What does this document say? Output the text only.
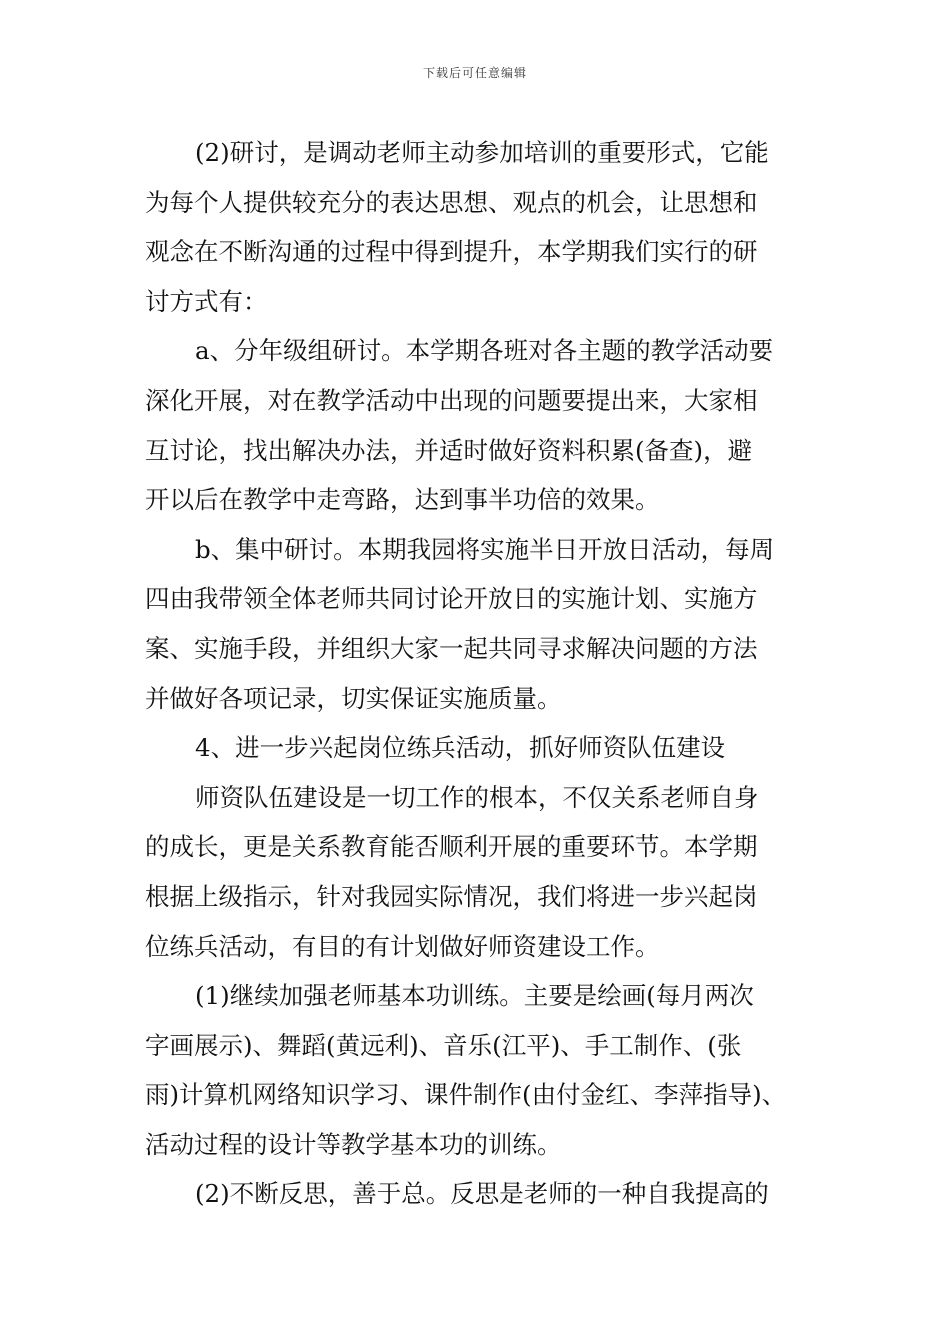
下载后可任意编辑
(2)研讨，是调动老师主动参加培训的重要形式，它能
为每个人提供较充分的表达思想、观点的机会，让思想和
观念在不断沟通的过程中得到提升，本学期我们实行的研
讨方式有：
a、分年级组研讨。本学期各班对各主题的教学活动要
深化开展，对在教学活动中出现的问题要提出来，大家相
互讨论，找出解决办法，并适时做好资料积累(备查)，避
开以后在教学中走弯路，达到事半功倍的效果。
b、集中研讨。本期我园将实施半日开放日活动，每周
四由我带领全体老师共同讨论开放日的实施计划、实施方
案、实施手段，并组织大家一起共同寻求解决问题的方法
并做好各项记录，切实保证实施质量。
4、进一步兴起岗位练兵活动，抓好师资队伍建设
师资队伍建设是一切工作的根本，不仅关系老师自身
的成长，更是关系教育能否顺利开展的重要环节。本学期
根据上级指示，针对我园实际情况，我们将进一步兴起岗
位练兵活动，有目的有计划做好师资建设工作。
(1)继续加强老师基本功训练。主要是绘画(每月两次
字画展示)、舞蹈(黄远利)、音乐(江平)、手工制作、(张
雨)计算机网络知识学习、课件制作(由付金红、李萍指导)、
活动过程的设计等教学基本功的训练。
(2)不断反思，善于总。反思是老师的一种自我提高的
